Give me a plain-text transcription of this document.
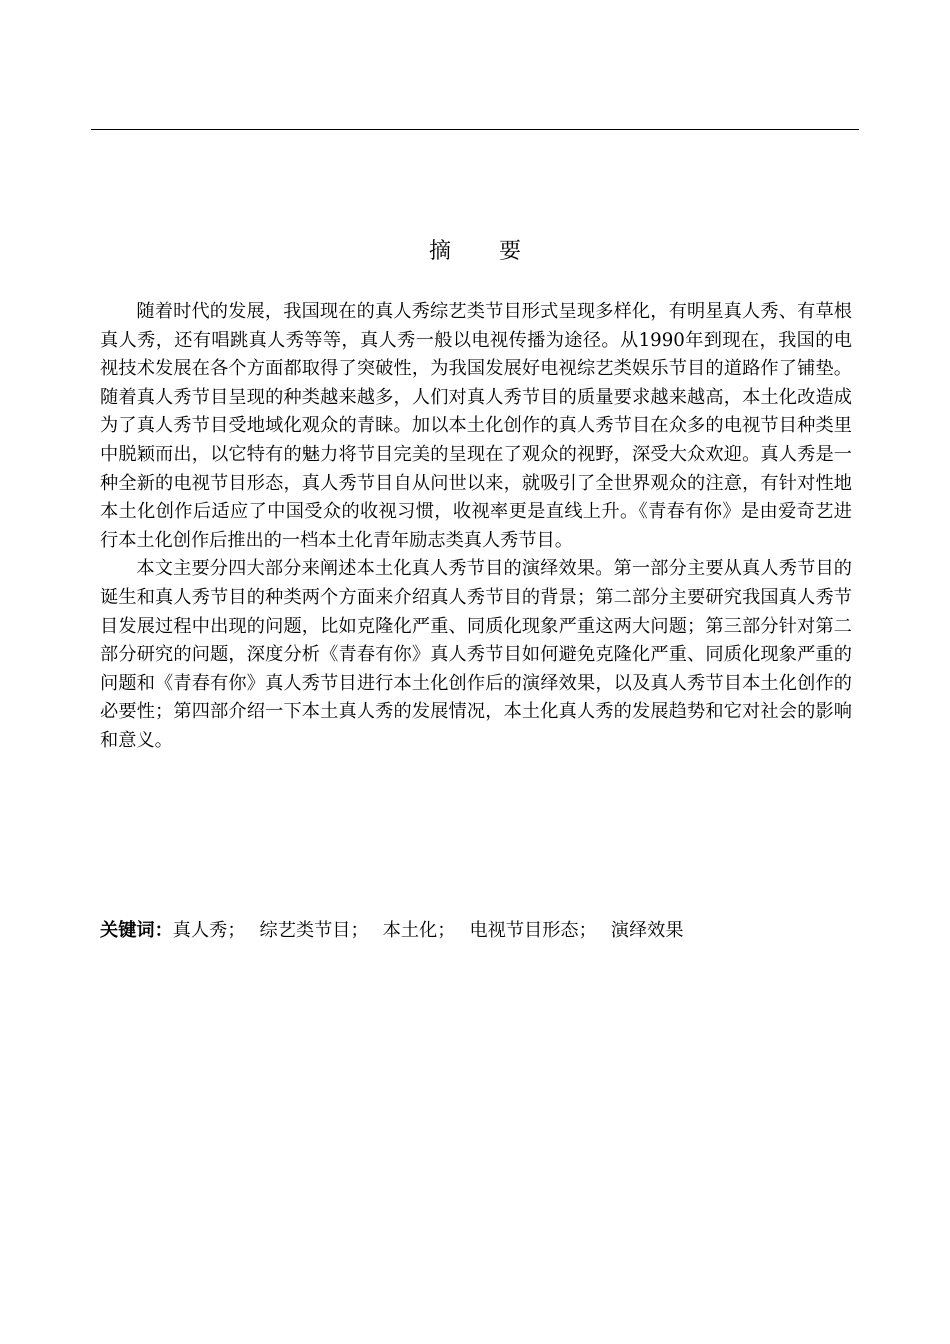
摘 要

随着时代的发展，我国现在的真人秀综艺类节目形式呈现多样化，有明星真人秀、有草根真人秀，还有唱跳真人秀等等，真人秀一般以电视传播为途径。从1990年到现在，我国的电视技术发展在各个方面都取得了突破性，为我国发展好电视综艺类娱乐节目的道路作了铺垫。随着真人秀节目呈现的种类越来越多，人们对真人秀节目的质量要求越来越高，本土化改造成为了真人秀节目受地域化观众的青睐。加以本土化创作的真人秀节目在众多的电视节目种类里中脱颖而出，以它特有的魅力将节目完美的呈现在了观众的视野，深受大众欢迎。真人秀是一种全新的电视节目形态，真人秀节目自从问世以来，就吸引了全世界观众的注意，有针对性地本土化创作后适应了中国受众的收视习惯，收视率更是直线上升。《青春有你》是由爱奇艺进行本土化创作后推出的一档本土化青年励志类真人秀节目。

本文主要分四大部分来阐述本土化真人秀节目的演绎效果。第一部分主要从真人秀节目的诞生和真人秀节目的种类两个方面来介绍真人秀节目的背景；第二部分主要研究我国真人秀节目发展过程中出现的问题，比如克隆化严重、同质化现象严重这两大问题；第三部分针对第二部分研究的问题，深度分析《青春有你》真人秀节目如何避免克隆化严重、同质化现象严重的问题和《青春有你》真人秀节目进行本土化创作后的演绎效果，以及真人秀节目本土化创作的必要性；第四部介绍一下本土真人秀的发展情况，本土化真人秀的发展趋势和它对社会的影响和意义。

关键词：真人秀； 综艺类节目； 本土化； 电视节目形态； 演绎效果
